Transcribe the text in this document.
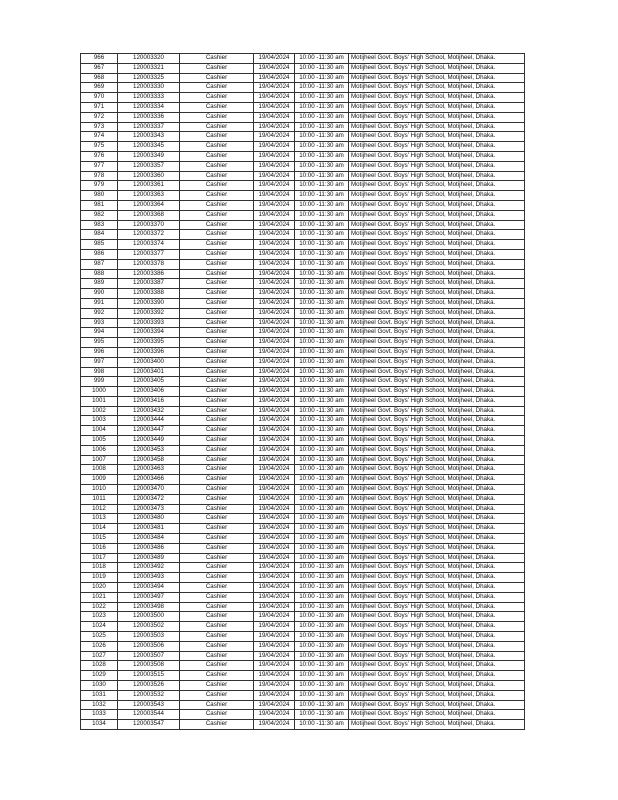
966	120003320	Cashier	19/04/2024	10:00 -11:30 am	Motijheel Govt. Boys' High School, Motijheel, Dhaka.
967	120003321	Cashier	19/04/2024	10:00 -11:30 am	Motijheel Govt. Boys' High School, Motijheel, Dhaka.
968	120003325	Cashier	19/04/2024	10:00 -11:30 am	Motijheel Govt. Boys' High School, Motijheel, Dhaka.
969	120003330	Cashier	19/04/2024	10:00 -11:30 am	Motijheel Govt. Boys' High School, Motijheel, Dhaka.
970	120003333	Cashier	19/04/2024	10:00 -11:30 am	Motijheel Govt. Boys' High School, Motijheel, Dhaka.
971	120003334	Cashier	19/04/2024	10:00 -11:30 am	Motijheel Govt. Boys' High School, Motijheel, Dhaka.
972	120003336	Cashier	19/04/2024	10:00 -11:30 am	Motijheel Govt. Boys' High School, Motijheel, Dhaka.
973	120003337	Cashier	19/04/2024	10:00 -11:30 am	Motijheel Govt. Boys' High School, Motijheel, Dhaka.
974	120003343	Cashier	19/04/2024	10:00 -11:30 am	Motijheel Govt. Boys' High School, Motijheel, Dhaka.
975	120003345	Cashier	19/04/2024	10:00 -11:30 am	Motijheel Govt. Boys' High School, Motijheel, Dhaka.
976	120003349	Cashier	19/04/2024	10:00 -11:30 am	Motijheel Govt. Boys' High School, Motijheel, Dhaka.
977	120003357	Cashier	19/04/2024	10:00 -11:30 am	Motijheel Govt. Boys' High School, Motijheel, Dhaka.
978	120003360	Cashier	19/04/2024	10:00 -11:30 am	Motijheel Govt. Boys' High School, Motijheel, Dhaka.
979	120003361	Cashier	19/04/2024	10:00 -11:30 am	Motijheel Govt. Boys' High School, Motijheel, Dhaka.
980	120003363	Cashier	19/04/2024	10:00 -11:30 am	Motijheel Govt. Boys' High School, Motijheel, Dhaka.
981	120003364	Cashier	19/04/2024	10:00 -11:30 am	Motijheel Govt. Boys' High School, Motijheel, Dhaka.
982	120003368	Cashier	19/04/2024	10:00 -11:30 am	Motijheel Govt. Boys' High School, Motijheel, Dhaka.
983	120003370	Cashier	19/04/2024	10:00 -11:30 am	Motijheel Govt. Boys' High School, Motijheel, Dhaka.
984	120003372	Cashier	19/04/2024	10:00 -11:30 am	Motijheel Govt. Boys' High School, Motijheel, Dhaka.
985	120003374	Cashier	19/04/2024	10:00 -11:30 am	Motijheel Govt. Boys' High School, Motijheel, Dhaka.
986	120003377	Cashier	19/04/2024	10:00 -11:30 am	Motijheel Govt. Boys' High School, Motijheel, Dhaka.
987	120003378	Cashier	19/04/2024	10:00 -11:30 am	Motijheel Govt. Boys' High School, Motijheel, Dhaka.
988	120003386	Cashier	19/04/2024	10:00 -11:30 am	Motijheel Govt. Boys' High School, Motijheel, Dhaka.
989	120003387	Cashier	19/04/2024	10:00 -11:30 am	Motijheel Govt. Boys' High School, Motijheel, Dhaka.
990	120003388	Cashier	19/04/2024	10:00 -11:30 am	Motijheel Govt. Boys' High School, Motijheel, Dhaka.
991	120003390	Cashier	19/04/2024	10:00 -11:30 am	Motijheel Govt. Boys' High School, Motijheel, Dhaka.
992	120003392	Cashier	19/04/2024	10:00 -11:30 am	Motijheel Govt. Boys' High School, Motijheel, Dhaka.
993	120003393	Cashier	19/04/2024	10:00 -11:30 am	Motijheel Govt. Boys' High School, Motijheel, Dhaka.
994	120003394	Cashier	19/04/2024	10:00 -11:30 am	Motijheel Govt. Boys' High School, Motijheel, Dhaka.
995	120003395	Cashier	19/04/2024	10:00 -11:30 am	Motijheel Govt. Boys' High School, Motijheel, Dhaka.
996	120003396	Cashier	19/04/2024	10:00 -11:30 am	Motijheel Govt. Boys' High School, Motijheel, Dhaka.
997	120003400	Cashier	19/04/2024	10:00 -11:30 am	Motijheel Govt. Boys' High School, Motijheel, Dhaka.
998	120003401	Cashier	19/04/2024	10:00 -11:30 am	Motijheel Govt. Boys' High School, Motijheel, Dhaka.
999	120003405	Cashier	19/04/2024	10:00 -11:30 am	Motijheel Govt. Boys' High School, Motijheel, Dhaka.
1000	120003406	Cashier	19/04/2024	10:00 -11:30 am	Motijheel Govt. Boys' High School, Motijheel, Dhaka.
1001	120003416	Cashier	19/04/2024	10:00 -11:30 am	Motijheel Govt. Boys' High School, Motijheel, Dhaka.
1002	120003432	Cashier	19/04/2024	10:00 -11:30 am	Motijheel Govt. Boys' High School, Motijheel, Dhaka.
1003	120003444	Cashier	19/04/2024	10:00 -11:30 am	Motijheel Govt. Boys' High School, Motijheel, Dhaka.
1004	120003447	Cashier	19/04/2024	10:00 -11:30 am	Motijheel Govt. Boys' High School, Motijheel, Dhaka.
1005	120003449	Cashier	19/04/2024	10:00 -11:30 am	Motijheel Govt. Boys' High School, Motijheel, Dhaka.
1006	120003453	Cashier	19/04/2024	10:00 -11:30 am	Motijheel Govt. Boys' High School, Motijheel, Dhaka.
1007	120003458	Cashier	19/04/2024	10:00 -11:30 am	Motijheel Govt. Boys' High School, Motijheel, Dhaka.
1008	120003463	Cashier	19/04/2024	10:00 -11:30 am	Motijheel Govt. Boys' High School, Motijheel, Dhaka.
1009	120003466	Cashier	19/04/2024	10:00 -11:30 am	Motijheel Govt. Boys' High School, Motijheel, Dhaka.
1010	120003470	Cashier	19/04/2024	10:00 -11:30 am	Motijheel Govt. Boys' High School, Motijheel, Dhaka.
1011	120003472	Cashier	19/04/2024	10:00 -11:30 am	Motijheel Govt. Boys' High School, Motijheel, Dhaka.
1012	120003473	Cashier	19/04/2024	10:00 -11:30 am	Motijheel Govt. Boys' High School, Motijheel, Dhaka.
1013	120003480	Cashier	19/04/2024	10:00 -11:30 am	Motijheel Govt. Boys' High School, Motijheel, Dhaka.
1014	120003481	Cashier	19/04/2024	10:00 -11:30 am	Motijheel Govt. Boys' High School, Motijheel, Dhaka.
1015	120003484	Cashier	19/04/2024	10:00 -11:30 am	Motijheel Govt. Boys' High School, Motijheel, Dhaka.
1016	120003486	Cashier	19/04/2024	10:00 -11:30 am	Motijheel Govt. Boys' High School, Motijheel, Dhaka.
1017	120003489	Cashier	19/04/2024	10:00 -11:30 am	Motijheel Govt. Boys' High School, Motijheel, Dhaka.
1018	120003492	Cashier	19/04/2024	10:00 -11:30 am	Motijheel Govt. Boys' High School, Motijheel, Dhaka.
1019	120003493	Cashier	19/04/2024	10:00 -11:30 am	Motijheel Govt. Boys' High School, Motijheel, Dhaka.
1020	120003494	Cashier	19/04/2024	10:00 -11:30 am	Motijheel Govt. Boys' High School, Motijheel, Dhaka.
1021	120003497	Cashier	19/04/2024	10:00 -11:30 am	Motijheel Govt. Boys' High School, Motijheel, Dhaka.
1022	120003498	Cashier	19/04/2024	10:00 -11:30 am	Motijheel Govt. Boys' High School, Motijheel, Dhaka.
1023	120003500	Cashier	19/04/2024	10:00 -11:30 am	Motijheel Govt. Boys' High School, Motijheel, Dhaka.
1024	120003502	Cashier	19/04/2024	10:00 -11:30 am	Motijheel Govt. Boys' High School, Motijheel, Dhaka.
1025	120003503	Cashier	19/04/2024	10:00 -11:30 am	Motijheel Govt. Boys' High School, Motijheel, Dhaka.
1026	120003506	Cashier	19/04/2024	10:00 -11:30 am	Motijheel Govt. Boys' High School, Motijheel, Dhaka.
1027	120003507	Cashier	19/04/2024	10:00 -11:30 am	Motijheel Govt. Boys' High School, Motijheel, Dhaka.
1028	120003508	Cashier	19/04/2024	10:00 -11:30 am	Motijheel Govt. Boys' High School, Motijheel, Dhaka.
1029	120003515	Cashier	19/04/2024	10:00 -11:30 am	Motijheel Govt. Boys' High School, Motijheel, Dhaka.
1030	120003526	Cashier	19/04/2024	10:00 -11:30 am	Motijheel Govt. Boys' High School, Motijheel, Dhaka.
1031	120003532	Cashier	19/04/2024	10:00 -11:30 am	Motijheel Govt. Boys' High School, Motijheel, Dhaka.
1032	120003543	Cashier	19/04/2024	10:00 -11:30 am	Motijheel Govt. Boys' High School, Motijheel, Dhaka.
1033	120003544	Cashier	19/04/2024	10:00 -11:30 am	Motijheel Govt. Boys' High School, Motijheel, Dhaka.
1034	120003547	Cashier	19/04/2024	10:00 -11:30 am	Motijheel Govt. Boys' High School, Motijheel, Dhaka.
